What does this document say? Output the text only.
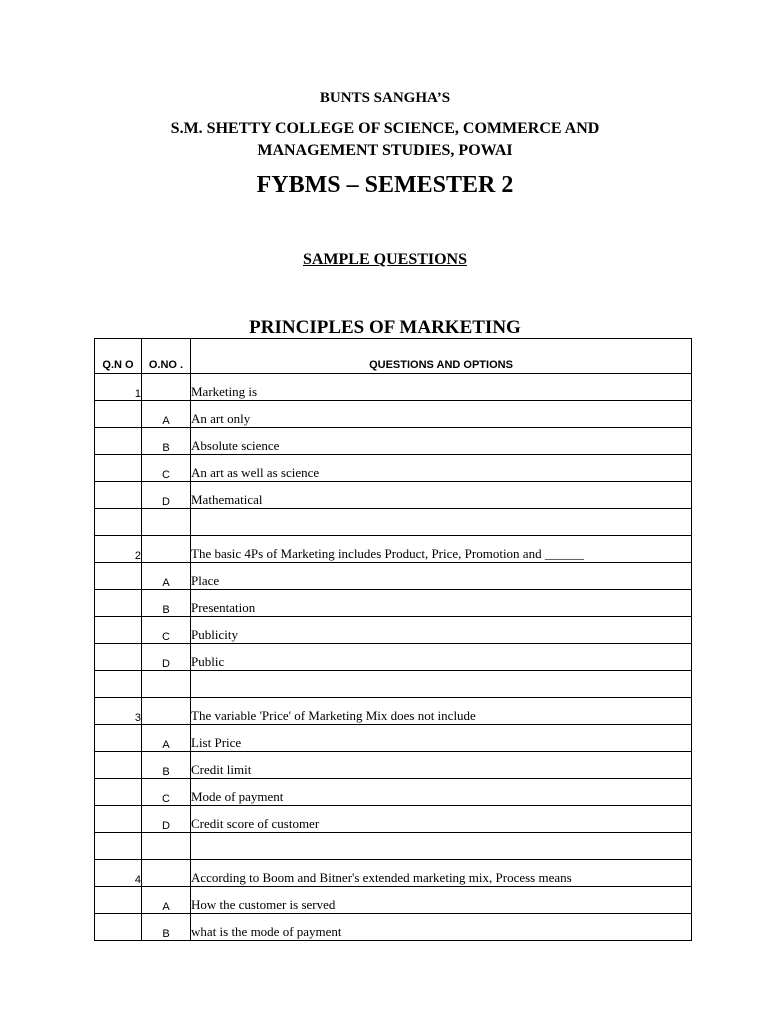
BUNTS SANGHA’S

S.M. SHETTY COLLEGE OF SCIENCE, COMMERCE AND

MANAGEMENT STUDIES, POWAI

FYBMS – SEMESTER 2

SAMPLE QUESTIONS

PRINCIPLES OF MARKETING

Q.N O	O.NO .	QUESTIONS AND OPTIONS
1		Marketing is
	A	An art only
	B	Absolute science
	C	An art as well as science
	D	Mathematical

2		The basic 4Ps of Marketing includes Product, Price, Promotion and ______
	A	Place
	B	Presentation
	C	Publicity
	D	Public

3		The variable 'Price' of Marketing Mix does not include
	A	List Price
	B	Credit limit
	C	Mode of payment
	D	Credit score of customer

4		According to Boom and Bitner's extended marketing mix, Process means
	A	How the customer is served
	B	what is the mode of payment
